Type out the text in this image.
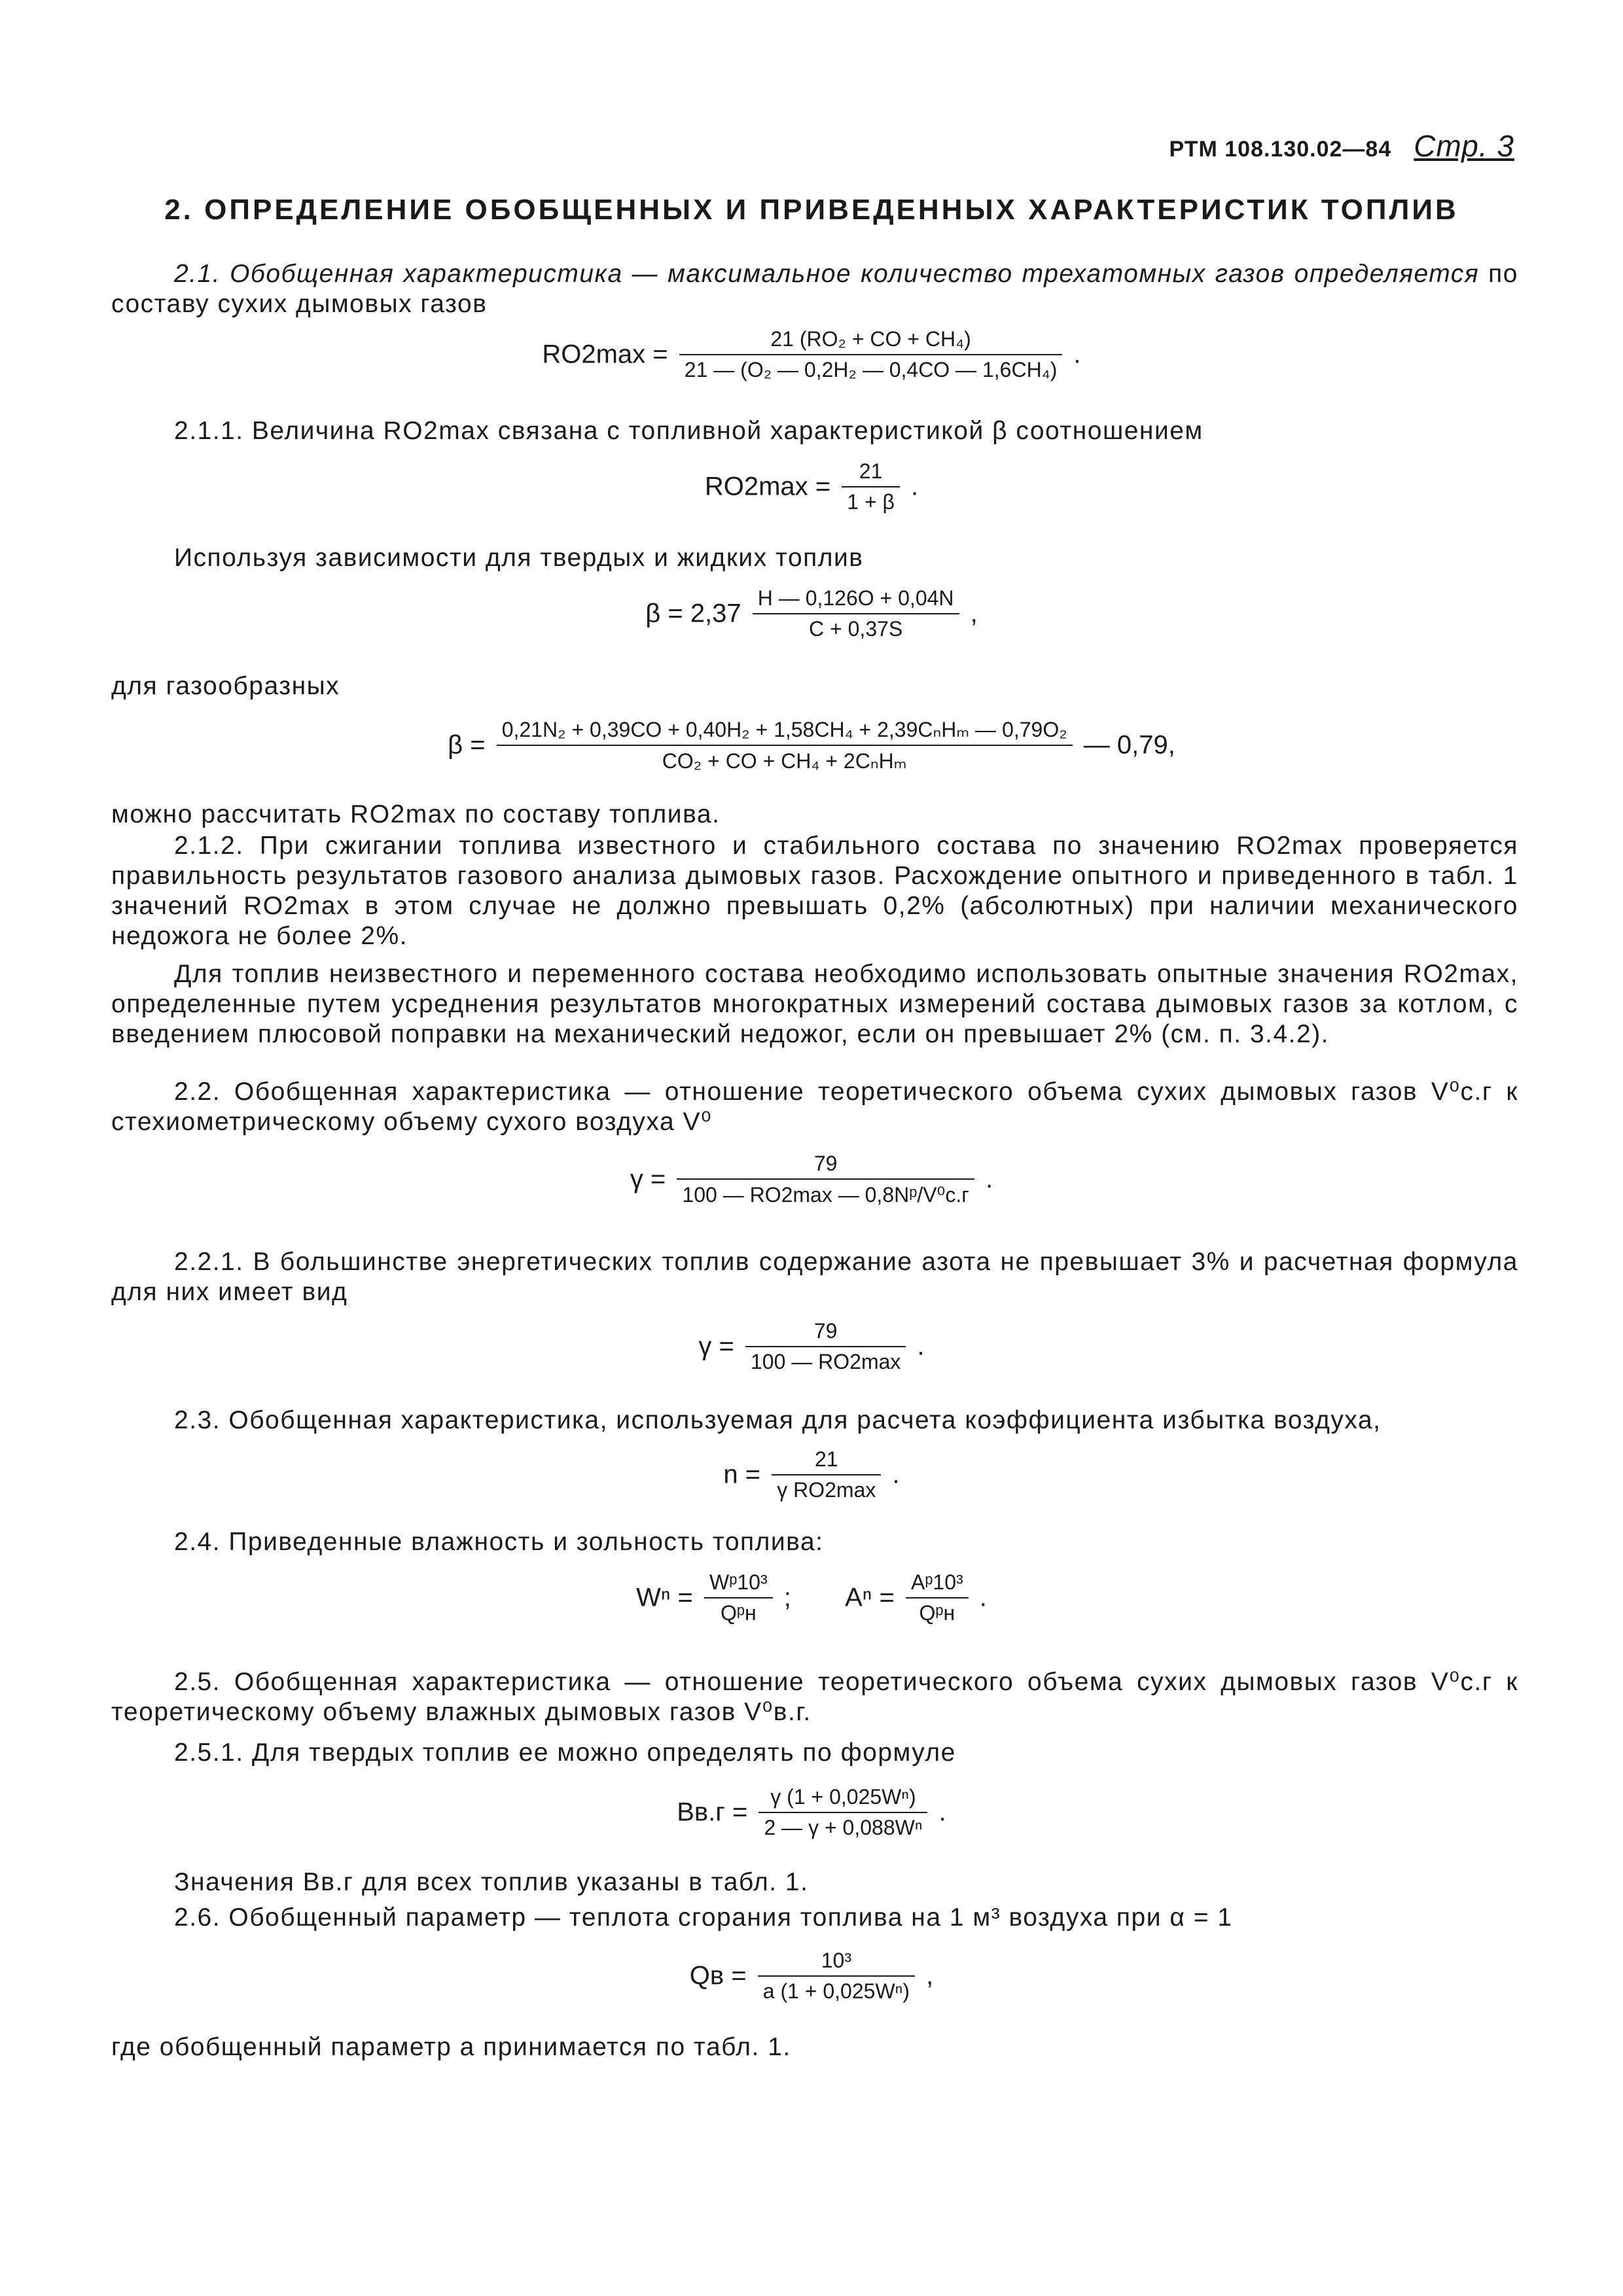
РТМ 108.130.02—84 Стр. 3
2. ОПРЕДЕЛЕНИЕ ОБОБЩЕННЫХ И ПРИВЕДЕННЫХ ХАРАКТЕРИСТИК ТОПЛИВ
2.1. Обобщенная характеристика — максимальное количество трехатомных газов определяется по составу сухих дымовых газов
$RO2\max = \frac{\text{21 (RO₂ + CO + CH₄)}}{\text{21 — (O₂ — 0,2H₂ — 0,4CO — 1,6CH₄)}}$ .
2.1.1. Величина RO2max связана с топливной характеристикой β соотношением
$RO2\max = \frac{21}{1 + \beta}$ .
Используя зависимости для твердых и жидких топлив
$\beta = 2,37 \frac{H — 0,126O + 0,04N}{C + 0,37S}$ ,
для газообразных
$\beta = \frac{\text{0,21N₂ + 0,39CO + 0,40H₂ + 1,58CH₄ + 2,39CₙHₘ — 0,79O₂}}{\text{CO₂ + CO + CH₄ + 2CₙHₘ}}$ — 0,79,
можно рассчитать RO2max по составу топлива.
2.1.2. При сжигании топлива известного и стабильного состава по значению RO2max проверяется правильность результатов газового анализа дымовых газов. Расхождение опытного и приведенного в табл. 1 значений RO2max в этом случае не должно превышать 0,2% (абсолютных) при наличии механического недожога не более 2%.
Для топлив неизвестного и переменного состава необходимо использовать опытные значения RO2max, определенные путем усреднения результатов многократных измерений состава дымовых газов за котлом, с введением плюсовой поправки на механический недожог, если он превышает 2% (см. п. 3.4.2).
2.2. Обобщенная характеристика — отношение теоретического объема сухих дымовых газов V⁰с.г к стехиометрическому объему сухого воздуха V⁰
$\gamma = \frac{79}{\text{100 — RO2max — 0,8Nᵖ/V⁰с.г}}$ .
2.2.1. В большинстве энергетических топлив содержание азота не превышает 3% и расчетная формула для них имеет вид
$\gamma = \frac{79}{100 — RO2\max}$ .
2.3. Обобщенная характеристика, используемая для расчета коэффициента избытка воздуха,
$n = \frac{21}{\text{γ RO2max}}$ .
2.4. Приведенные влажность и зольность топлива:
$W^n = \frac{\text{Wᵖ10³}}{\text{Qᵖн}}$ ; $A^n = \frac{\text{Aᵖ10³}}{\text{Qᵖн}}$ .
2.5. Обобщенная характеристика — отношение теоретического объема сухих дымовых газов V⁰с.г к теоретическому объему влажных дымовых газов V⁰в.г.
2.5.1. Для твердых топлив ее можно определять по формуле
$Bв.г = \frac{\text{γ (1 + 0,025Wⁿ)}}{\text{2 — γ + 0,088Wⁿ}}$ .
Значения Bв.г для всех топлив указаны в табл. 1.
2.6. Обобщенный параметр — теплота сгорания топлива на 1 м³ воздуха при α = 1
Qв = $\frac{\text{10³}}{\text{a (1 + 0,025Wⁿ)}}$ ,
где обобщенный параметр a принимается по табл. 1.
